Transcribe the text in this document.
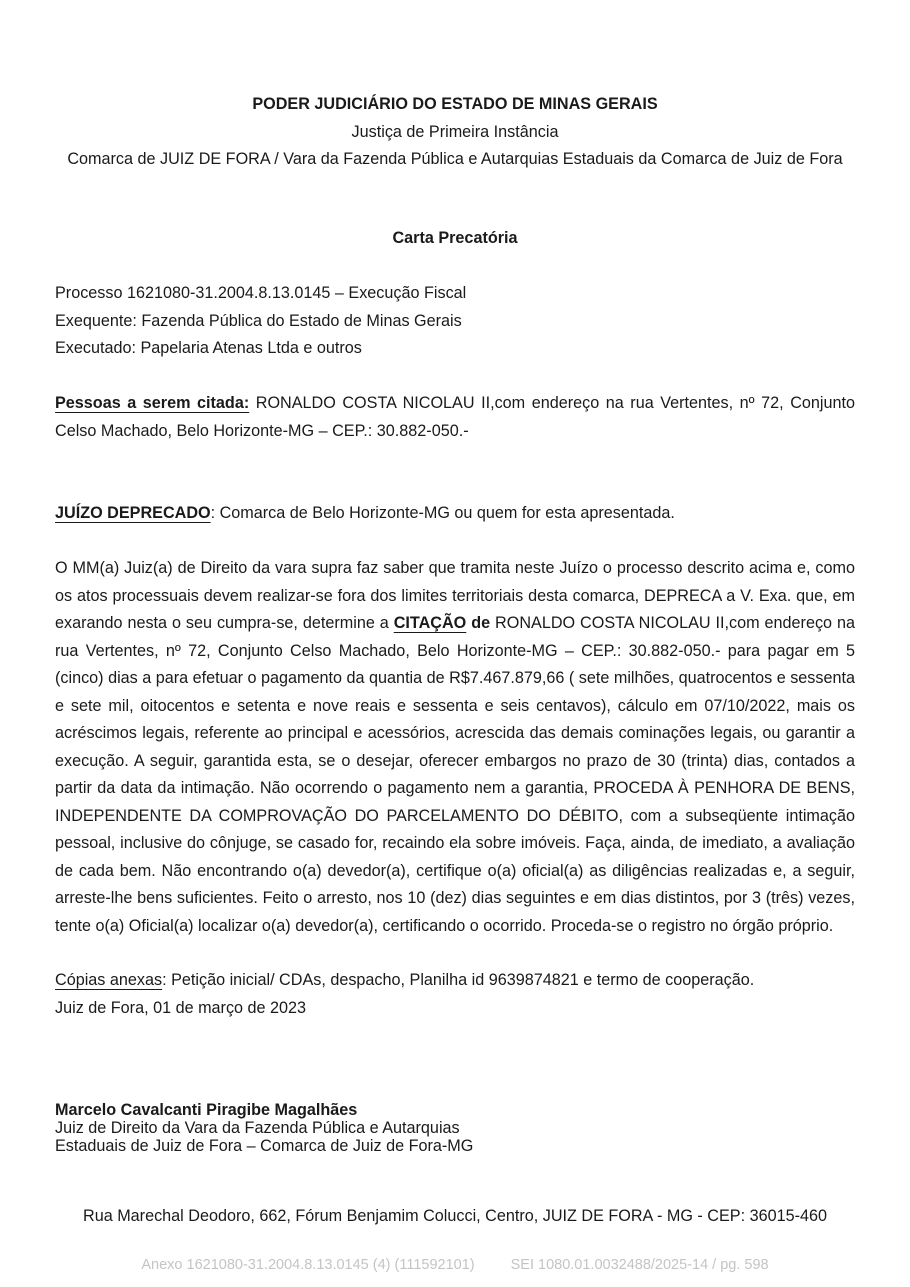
PODER JUDICIÁRIO DO ESTADO DE MINAS GERAIS
Justiça de Primeira Instância
Comarca de JUIZ DE FORA / Vara da Fazenda Pública e Autarquias Estaduais da Comarca de Juiz de Fora
Carta Precatória
Processo 1621080-31.2004.8.13.0145 – Execução Fiscal
Exequente: Fazenda Pública do Estado de Minas Gerais
Executado: Papelaria Atenas Ltda e outros
Pessoas a serem citada: RONALDO COSTA NICOLAU II,com endereço na rua Vertentes, nº 72, Conjunto Celso Machado, Belo Horizonte-MG – CEP.: 30.882-050.-
JUÍZO DEPRECADO: Comarca de Belo Horizonte-MG ou quem for esta apresentada.
O MM(a) Juiz(a) de Direito da vara supra faz saber que tramita neste Juízo o processo descrito acima e, como os atos processuais devem realizar-se fora dos limites territoriais desta comarca, DEPRECA a V. Exa. que, em exarando nesta o seu cumpra-se, determine a CITAÇÃO de RONALDO COSTA NICOLAU II,com endereço na rua Vertentes, nº 72, Conjunto Celso Machado, Belo Horizonte-MG – CEP.: 30.882-050.- para pagar em 5 (cinco) dias a para efetuar o pagamento da quantia de R$7.467.879,66 ( sete milhões, quatrocentos e sessenta e sete mil, oitocentos e setenta e nove reais e sessenta e seis centavos), cálculo em 07/10/2022, mais os acréscimos legais, referente ao principal e acessórios, acrescida das demais cominações legais, ou garantir a execução. A seguir, garantida esta, se o desejar, oferecer embargos no prazo de 30 (trinta) dias, contados a partir da data da intimação. Não ocorrendo o pagamento nem a garantia, PROCEDA À PENHORA DE BENS, INDEPENDENTE DA COMPROVAÇÃO DO PARCELAMENTO DO DÉBITO, com a subseqüente intimação pessoal, inclusive do cônjuge, se casado for, recaindo ela sobre imóveis. Faça, ainda, de imediato, a avaliação de cada bem. Não encontrando o(a) devedor(a), certifique o(a) oficial(a) as diligências realizadas e, a seguir, arreste-lhe bens suficientes. Feito o arresto, nos 10 (dez) dias seguintes e em dias distintos, por 3 (três) vezes, tente o(a) Oficial(a) localizar o(a) devedor(a), certificando o ocorrido. Proceda-se o registro no órgão próprio.
Cópias anexas: Petição inicial/ CDAs, despacho, Planilha id 9639874821 e termo de cooperação.
Juiz de Fora, 01 de março de 2023
Marcelo Cavalcanti Piragibe Magalhães
Juiz de Direito da Vara da Fazenda Pública e Autarquias
Estaduais de Juiz de Fora – Comarca de Juiz de Fora-MG
Rua Marechal Deodoro, 662, Fórum Benjamim Colucci, Centro, JUIZ DE FORA - MG - CEP: 36015-460
Anexo 1621080-31.2004.8.13.0145 (4) (111592101) SEI 1080.01.0032488/2025-14 / pg. 598
